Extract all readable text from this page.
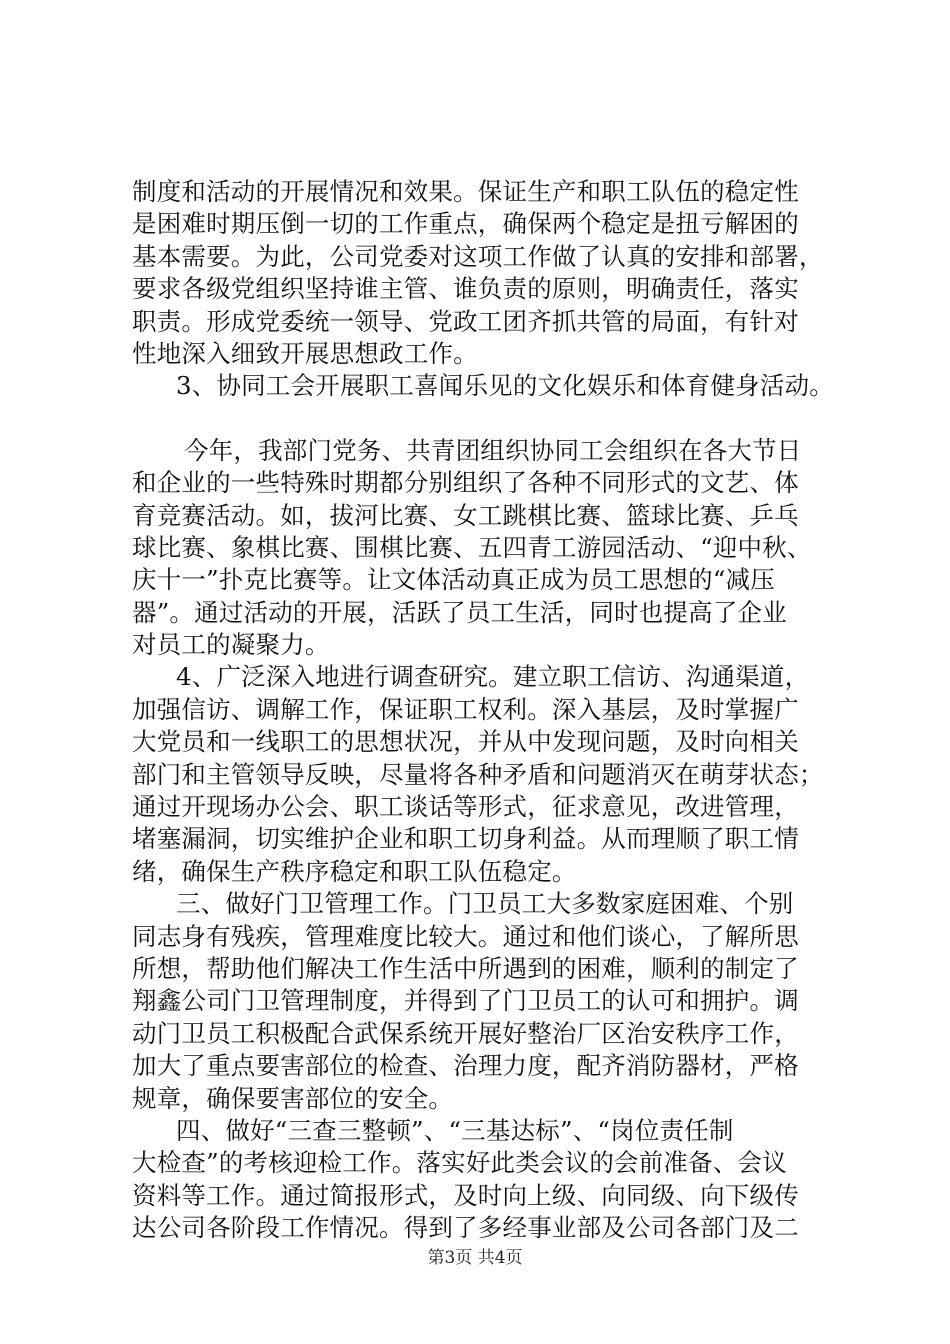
制度和活动的开展情况和效果。保证生产和职工队伍的稳定性
是困难时期压倒一切的工作重点，确保两个稳定是扭亏解困的
基本需要。为此，公司党委对这项工作做了认真的安排和部署，
要求各级党组织坚持谁主管、谁负责的原则，明确责任，落实
职责。形成党委统一领导、党政工团齐抓共管的局面，有针对
性地深入细致开展思想政工作。
3、协同工会开展职工喜闻乐见的文化娱乐和体育健身活动。
今年，我部门党务、共青团组织协同工会组织在各大节日
和企业的一些特殊时期都分别组织了各种不同形式的文艺、体
育竞赛活动。如，拔河比赛、女工跳棋比赛、篮球比赛、乒乓
球比赛、象棋比赛、围棋比赛、五四青工游园活动、“迎中秋、
庆十一”扑克比赛等。让文体活动真正成为员工思想的“减压
器”。通过活动的开展，活跃了员工生活，同时也提高了企业
对员工的凝聚力。
4、广泛深入地进行调查研究。建立职工信访、沟通渠道，
加强信访、调解工作，保证职工权利。深入基层，及时掌握广
大党员和一线职工的思想状况，并从中发现问题，及时向相关
部门和主管领导反映，尽量将各种矛盾和问题消灭在萌芽状态；
通过开现场办公会、职工谈话等形式，征求意见，改进管理，
堵塞漏洞，切实维护企业和职工切身利益。从而理顺了职工情
绪，确保生产秩序稳定和职工队伍稳定。
三、做好门卫管理工作。门卫员工大多数家庭困难、个别
同志身有残疾，管理难度比较大。通过和他们谈心，了解所思
所想，帮助他们解决工作生活中所遇到的困难，顺利的制定了
翔鑫公司门卫管理制度，并得到了门卫员工的认可和拥护。调
动门卫员工积极配合武保系统开展好整治厂区治安秩序工作，
加大了重点要害部位的检查、治理力度，配齐消防器材，严格
规章，确保要害部位的安全。
四、做好“三查三整顿”、“三基达标”、“岗位责任制
大检查”的考核迎检工作。落实好此类会议的会前准备、会议
资料等工作。通过简报形式，及时向上级、向同级、向下级传
达公司各阶段工作情况。得到了多经事业部及公司各部门及二
第3页 共4页
